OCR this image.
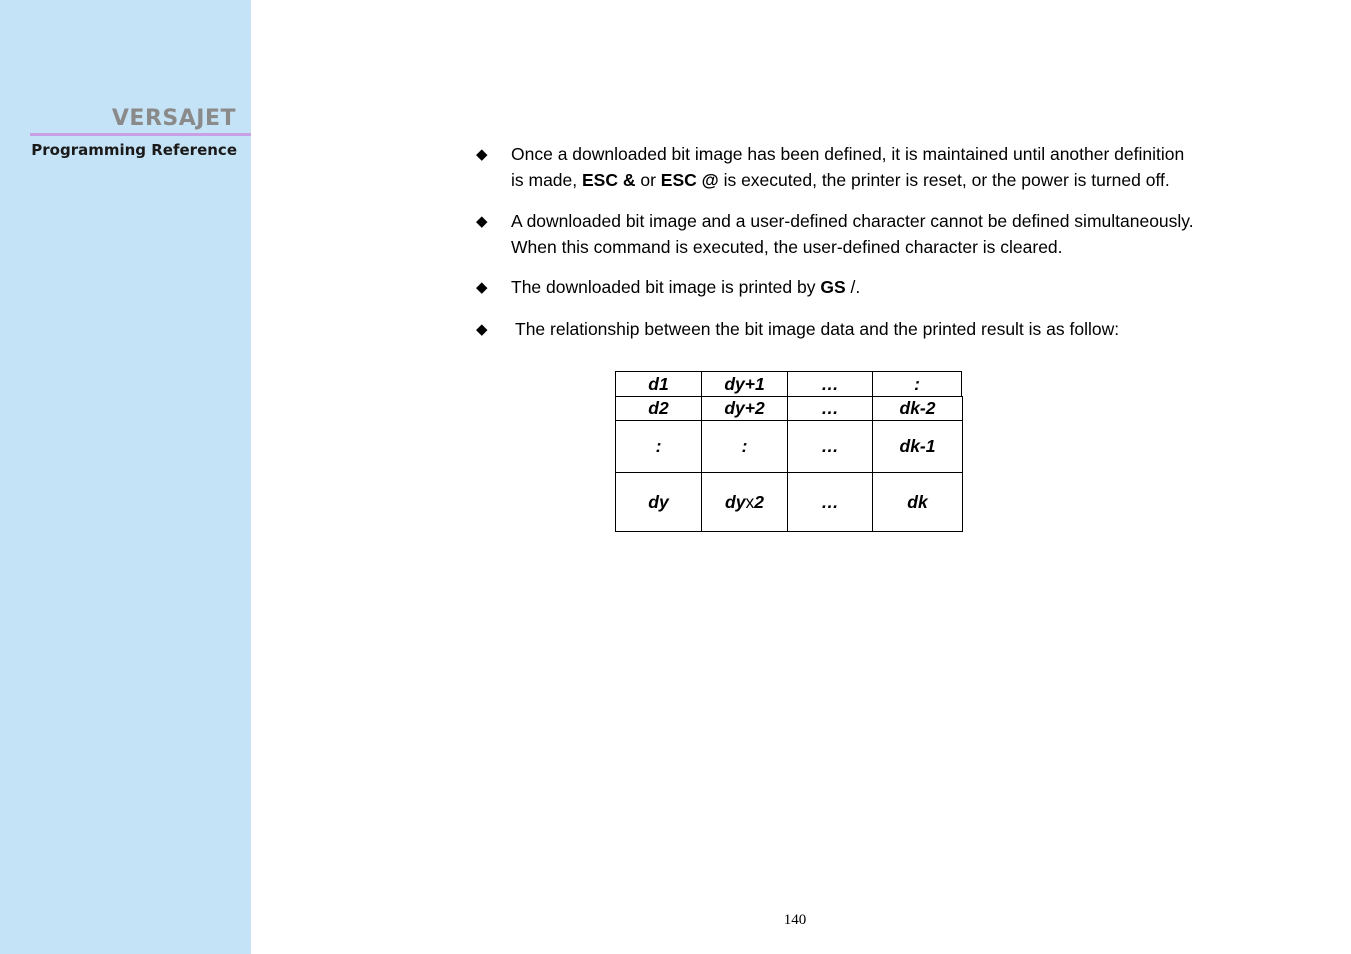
VERSAJET
Programming Reference	◆ Once a downloaded bit image has been defined, it is maintained until another definition
is made, ESC & or ESC @ is executed, the printer is reset, or the power is turned off.
◆ A downloaded bit image and a user-defined character cannot be defined simultaneously.
When this command is executed, the user-defined character is cleared.
◆ The downloaded bit image is printed by GS /.
◆ The relationship between the bit image data and the printed result is as follow:
d1	dy+1	…	:
d2	dy+2	…	dk-2
:	:	…	dk-1
dy	dy x 2	…	dk
140
